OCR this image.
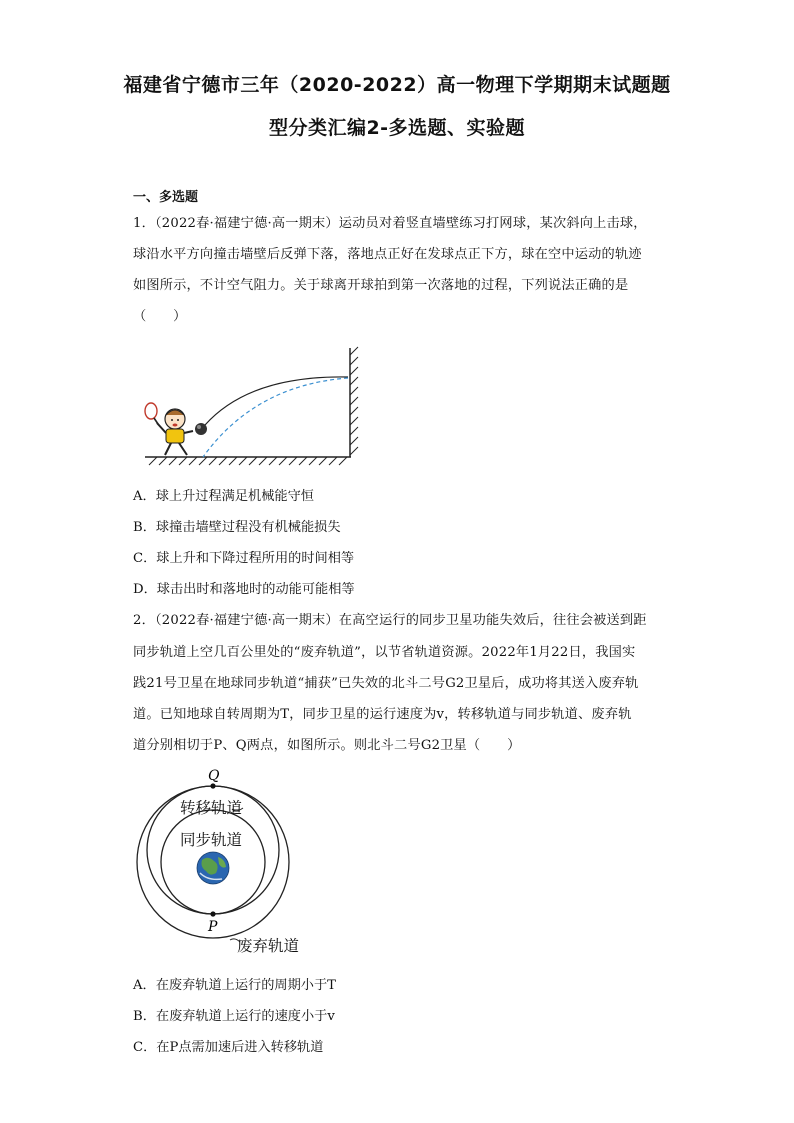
福建省宁德市三年（2020-2022）高一物理下学期期末试题题
型分类汇编2-多选题、实验题
一、多选题
1．（2022春·福建宁德·高一期末）运动员对着竖直墙壁练习打网球，某次斜向上击球，
球沿水平方向撞击墙壁后反弹下落，落地点正好在发球点正下方，球在空中运动的轨迹
如图所示，不计空气阻力。关于球离开球拍到第一次落地的过程，下列说法正确的是
（　　）
A．球上升过程满足机械能守恒
B．球撞击墙壁过程没有机械能损失
C．球上升和下降过程所用的时间相等
D．球击出时和落地时的动能可能相等
2．（2022春·福建宁德·高一期末）在高空运行的同步卫星功能失效后，往往会被送到距
同步轨道上空几百公里处的“废弃轨道”，以节省轨道资源。2022年1月22日，我国实
践21号卫星在地球同步轨道“捕获”已失效的北斗二号G2卫星后，成功将其送入废弃轨
道。已知地球自转周期为T，同步卫星的运行速度为v，转移轨道与同步轨道、废弃轨
道分别相切于P、Q两点，如图所示。则北斗二号G2卫星（　　）
Q
P
转移轨道
同步轨道
废弃轨道
A．在废弃轨道上运行的周期小于T
B．在废弃轨道上运行的速度小于v
C．在P点需加速后进入转移轨道
